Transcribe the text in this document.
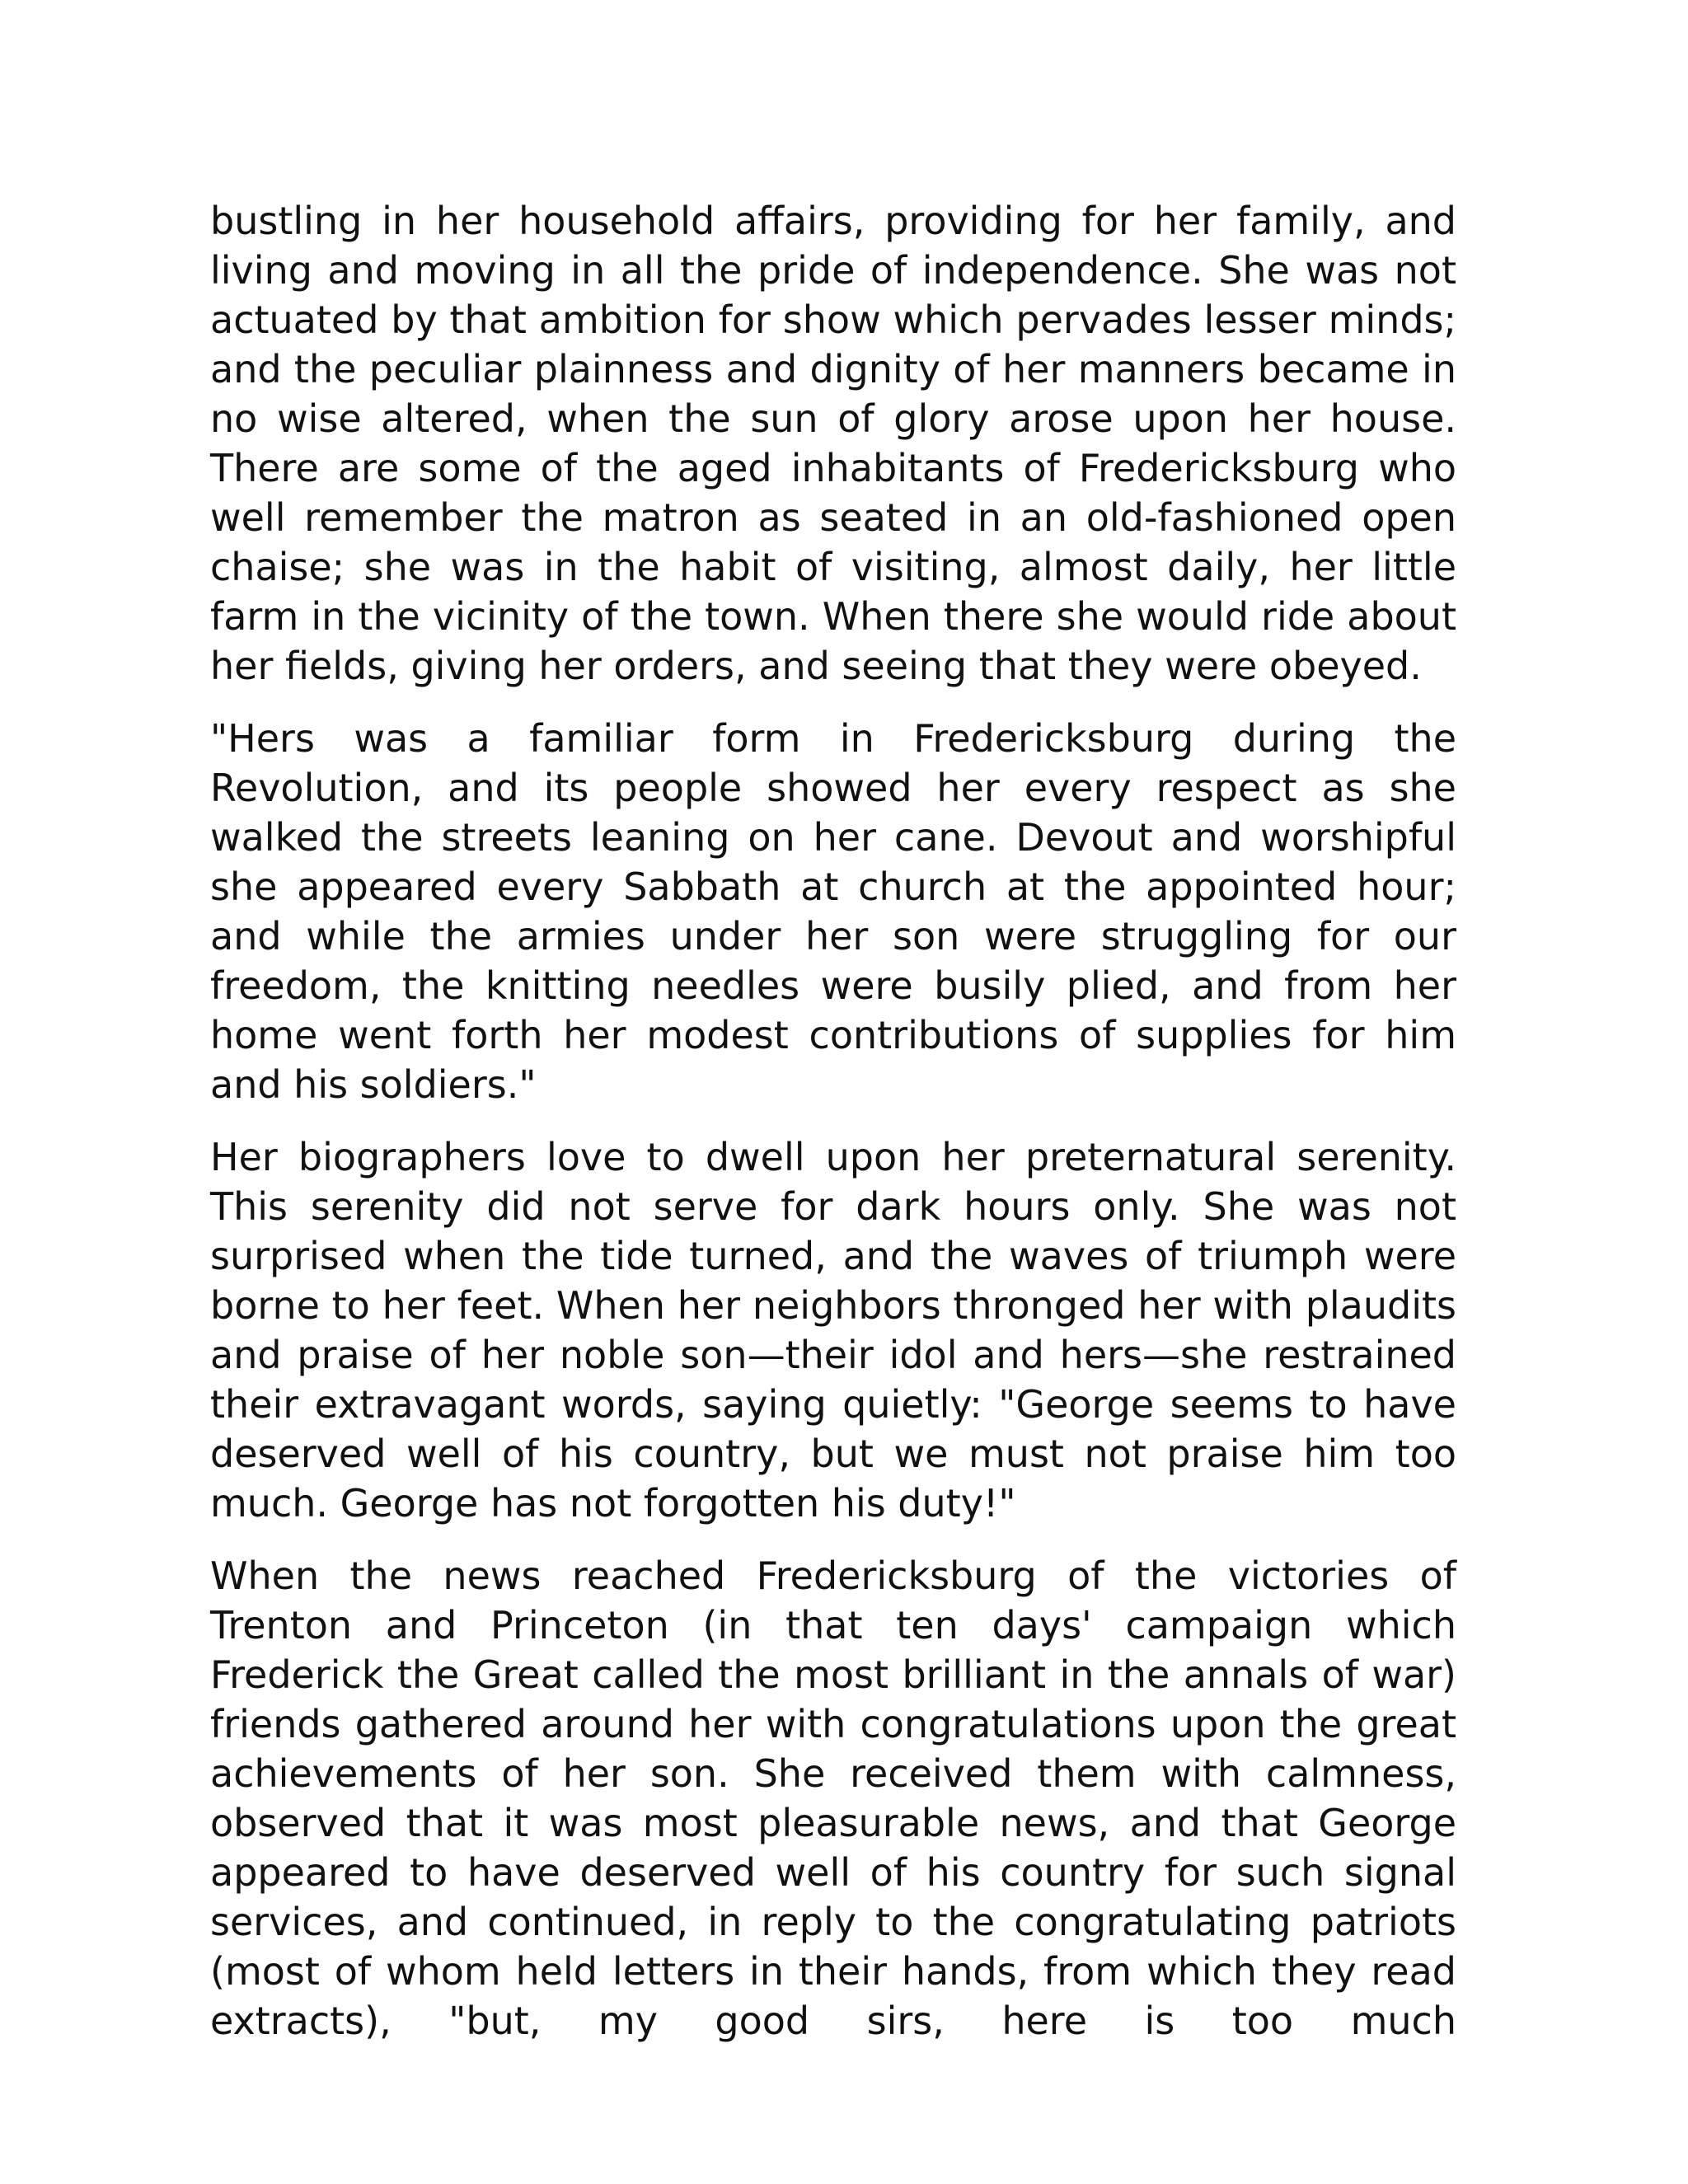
bustling in her household affairs, providing for her family, and living and moving in all the pride of independence. She was not actuated by that ambition for show which pervades lesser minds; and the peculiar plainness and dignity of her manners became in no wise altered, when the sun of glory arose upon her house. There are some of the aged inhabitants of Fredericksburg who well remember the matron as seated in an old-fashioned open chaise; she was in the habit of visiting, almost daily, her little farm in the vicinity of the town. When there she would ride about her fields, giving her orders, and seeing that they were obeyed.

"Hers was a familiar form in Fredericksburg during the Revolution, and its people showed her every respect as she walked the streets leaning on her cane. Devout and worshipful she appeared every Sabbath at church at the appointed hour; and while the armies under her son were struggling for our freedom, the knitting needles were busily plied, and from her home went forth her modest contributions of supplies for him and his soldiers."

Her biographers love to dwell upon her preternatural serenity. This serenity did not serve for dark hours only. She was not surprised when the tide turned, and the waves of triumph were borne to her feet. When her neighbors thronged her with plaudits and praise of her noble son—their idol and hers—she restrained their extravagant words, saying quietly: "George seems to have deserved well of his country, but we must not praise him too much. George has not forgotten his duty!"

When the news reached Fredericksburg of the victories of Trenton and Princeton (in that ten days' campaign which Frederick the Great called the most brilliant in the annals of war) friends gathered around her with congratulations upon the great achievements of her son. She received them with calmness, observed that it was most pleasurable news, and that George appeared to have deserved well of his country for such signal services, and continued, in reply to the congratulating patriots (most of whom held letters in their hands, from which they read extracts), "but, my good sirs, here is too much
